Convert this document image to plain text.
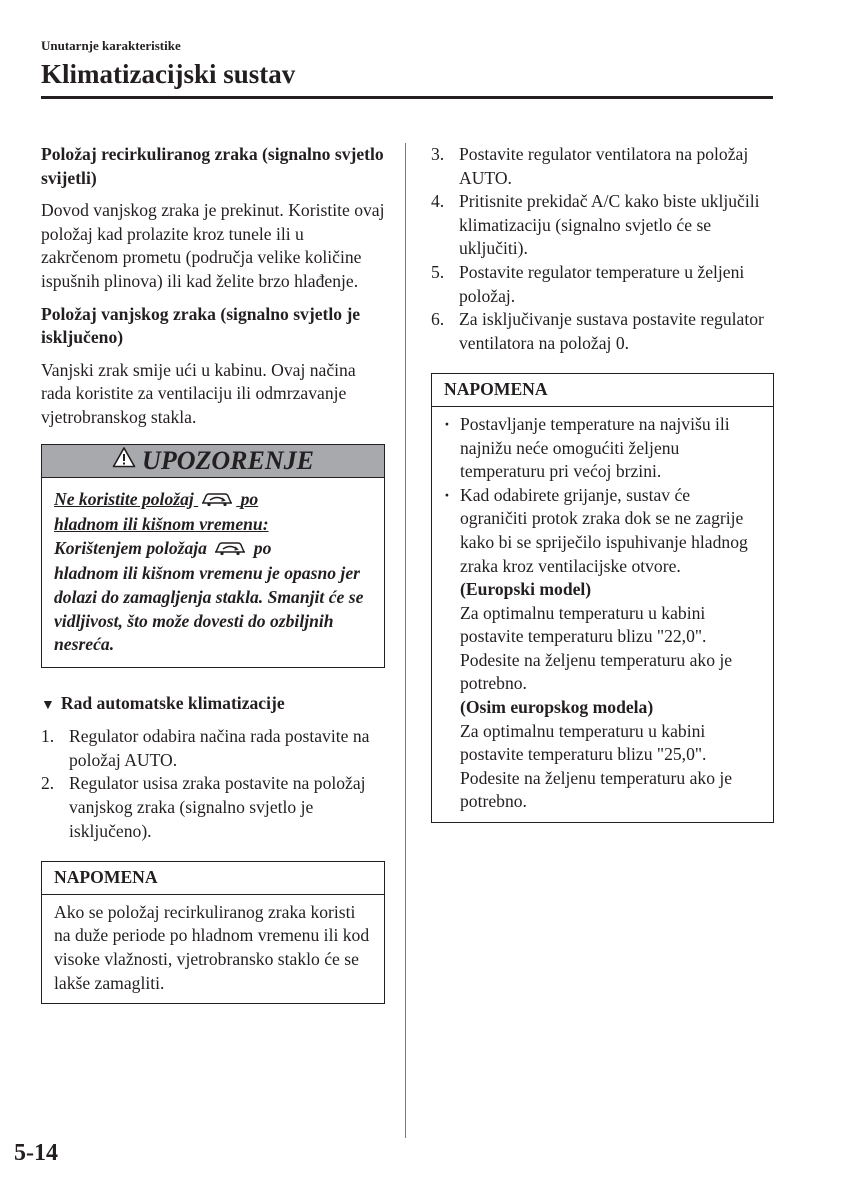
Unutarnje karakteristike
Klimatizacijski sustav
Položaj recirkuliranog zraka (signalno svjetlo svijetli)
Dovod vanjskog zraka je prekinut. Koristite ovaj položaj kad prolazite kroz tunele ili u zakrčenom prometu (područja velike količine ispušnih plinova) ili kad želite brzo hlađenje.
Položaj vanjskog zraka (signalno svjetlo je isključeno)
Vanjski zrak smije ući u kabinu. Ovaj načina rada koristite za ventilaciju ili odmrzavanje vjetrobranskog stakla.
UPOZORENJE
Ne koristite položaj	po
hladnom ili kišnom vremenu:
Korištenjem položaja	po
hladnom ili kišnom vremenu je opasno jer dolazi do zamagljenja stakla. Smanjit će se vidljivost, što može dovesti do ozbiljnih nesreća.
▼ Rad automatske klimatizacije
1. Regulator odabira načina rada postavite na položaj AUTO.
2. Regulator usisa zraka postavite na položaj vanjskog zraka (signalno svjetlo je isključeno).
NAPOMENA
Ako se položaj recirkuliranog zraka koristi na duže periode po hladnom vremenu ili kod visoke vlažnosti, vjetrobransko staklo će se lakše zamagliti.
3. Postavite regulator ventilatora na položaj AUTO.
4. Pritisnite prekidač A/C kako biste uključili klimatizaciju (signalno svjetlo će se uključiti).
5. Postavite regulator temperature u željeni položaj.
6. Za isključivanje sustava postavite regulator ventilatora na položaj 0.
NAPOMENA
· Postavljanje temperature na najvišu ili najnižu neće omogućiti željenu temperaturu pri većoj brzini.
· Kad odabirete grijanje, sustav će ograničiti protok zraka dok se ne zagrije kako bi se spriječilo ispuhivanje hladnog zraka kroz ventilacijske otvore.
(Europski model)
Za optimalnu temperaturu u kabini postavite temperaturu blizu "22,0". Podesite na željenu temperaturu ako je potrebno.
(Osim europskog modela)
Za optimalnu temperaturu u kabini postavite temperaturu blizu "25,0". Podesite na željenu temperaturu ako je potrebno.
5-14
